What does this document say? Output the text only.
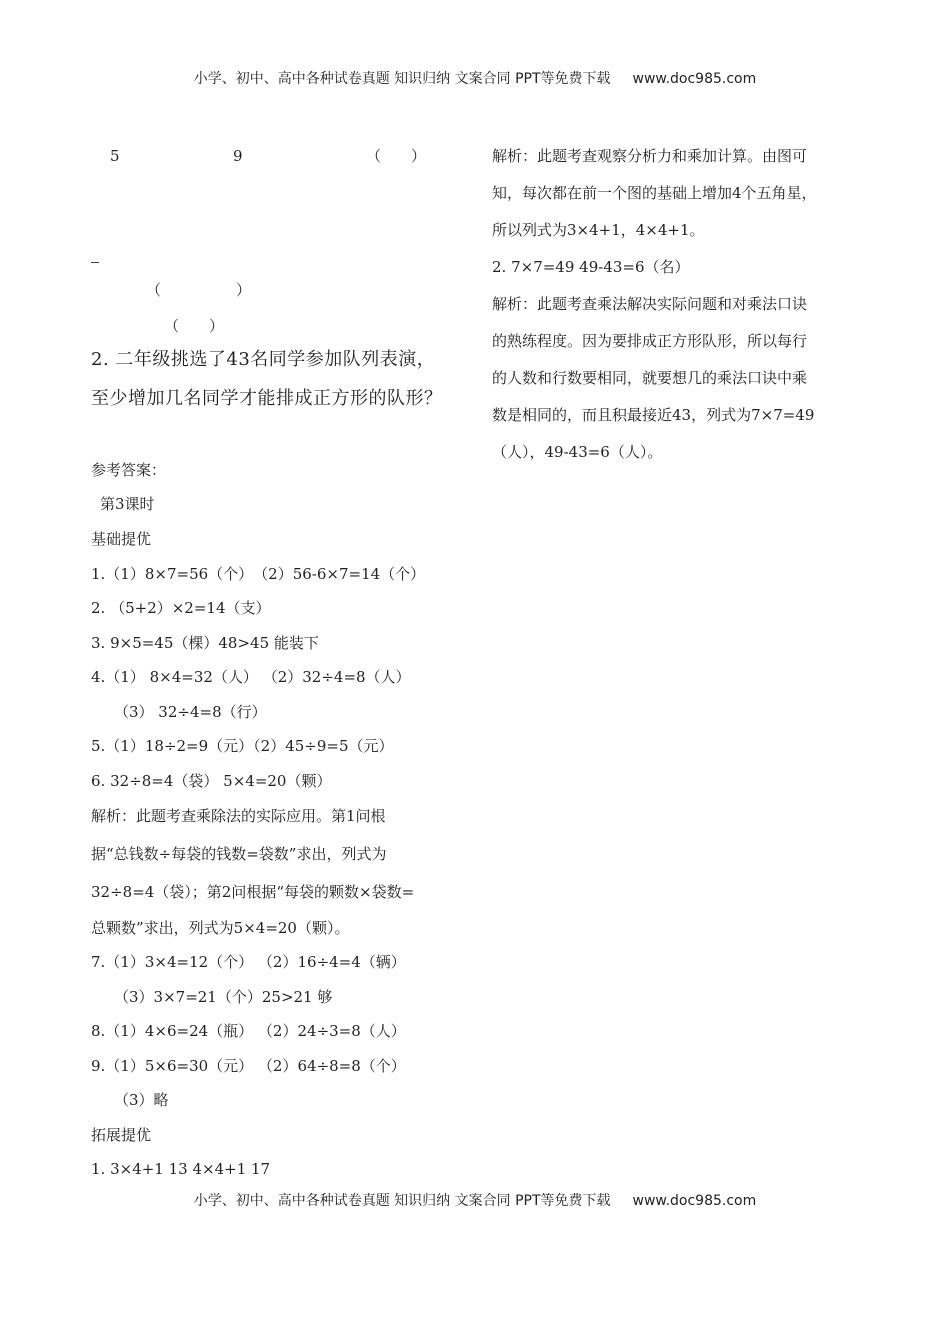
小学、初中、高中各种试卷真题 知识归纳 文案合同 PPT等免费下载 www.doc985.com
5	9	（　　）
（　　　　　）
（　　）
2. 二年级挑选了43名同学参加队列表演，
至少增加几名同学才能排成正方形的队形？
参考答案：
第3课时
基础提优
1.（1）8×7=56（个）　（2）56-6×7=14（个）
2. （5+2）×2=14（支）
3. 9×5=45（棵）48>45 能装下
4.（1） 8×4=32（人） （2）32÷4=8（人）
（3） 32÷4=8（行）
5.（1）18÷2=9（元）（2）45÷9=5（元）
6. 32÷8=4（袋） 5×4=20（颗）
解析：此题考查乘除法的实际应用。第1问根
据“总钱数÷每袋的钱数=袋数”求出，列式为
32÷8=4（袋）；第2问根据“每袋的颗数×袋数=
总颗数”求出，列式为5×4=20（颗）。
7.（1）3×4=12（个） （2）16÷4=4（辆）
（3）3×7=21（个）25>21 够
8.（1）4×6=24（瓶） （2）24÷3=8（人）
9.（1）5×6=30（元） （2）64÷8=8（个）
（3）略
拓展提优
1. 3×4+1 13 4×4+1 17

解析：此题考查观察分析力和乘加计算。由图可

知，每次都在前一个图的基础上增加4个五角星，

所以列式为3×4+1，4×4+1。

2. 7×7=49 49-43=6（名）

解析：此题考查乘法解决实际问题和对乘法口诀

的熟练程度。因为要排成正方形队形，所以每行

的人数和行数要相同，就要想几的乘法口诀中乘

数是相同的，而且积最接近43，列式为7×7=49

（人），49-43=6（人）。

小学、初中、高中各种试卷真题 知识归纳 文案合同 PPT等免费下载 www.doc985.com
